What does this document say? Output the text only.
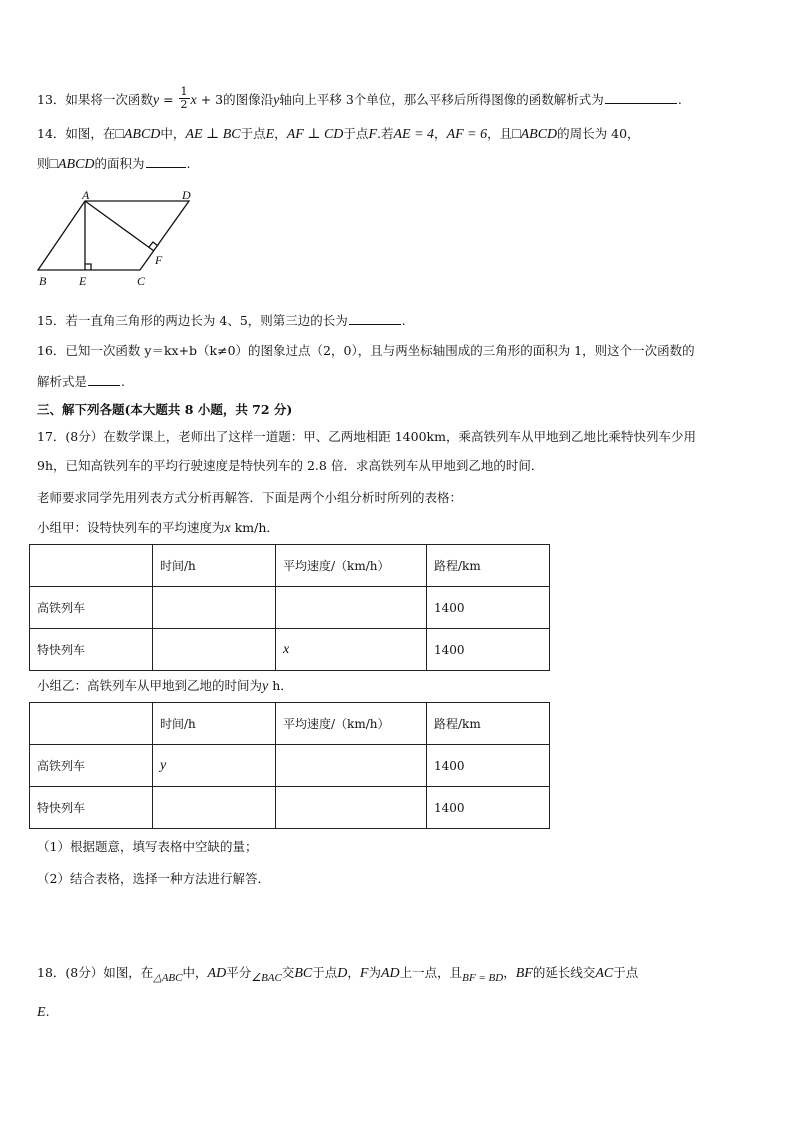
13．如果将一次函数$y = \frac{1}{2}$ x + 3的图像沿y轴向上平移 3个单位，那么平移后所得图像的函数解析式为	.
14．如图，在□ABCD中，AE ⊥ BC于点E，AF ⊥ CD于点F.若AE = 4，AF = 6，且□ABCD的周长为 40，
则□ABCD的面积为	.
A	D
B	E	C
F
15．若一直角三角形的两边长为 4、5，则第三边的长为	.
16．已知一次函数 y＝kx+b（k≠0）的图象过点（2，0），且与两坐标轴围成的三角形的面积为 1，则这个一次函数的
解析式是	.
三、解下列各题(本大题共 8 小题，共 72 分)
17．(8分）在数学课上，老师出了这样一道题：甲、乙两地相距 1400km，乘高铁列车从甲地到乙地比乘特快列车少用
9h，已知高铁列车的平均行驶速度是特快列车的 2.8 倍．求高铁列车从甲地到乙地的时间．
老师要求同学先用列表方式分析再解答．下面是两个小组分析时所列的表格：
小组甲：设特快列车的平均速度为x km/h．
	时间/h	平均速度/（km/h）	路程/km
高铁列车			1400
特快列车		x	1400
小组乙：高铁列车从甲地到乙地的时间为y h．
	时间/h	平均速度/（km/h）	路程/km
高铁列车	y		1400
特快列车			1400
（1）根据题意，填写表格中空缺的量；
（2）结合表格，选择一种方法进行解答．
18．(8分）如图，在△ABC中，AD平分∠BAC交BC于点D，F为AD上一点，且BF = BD，BF的延长线交AC于点
E.
